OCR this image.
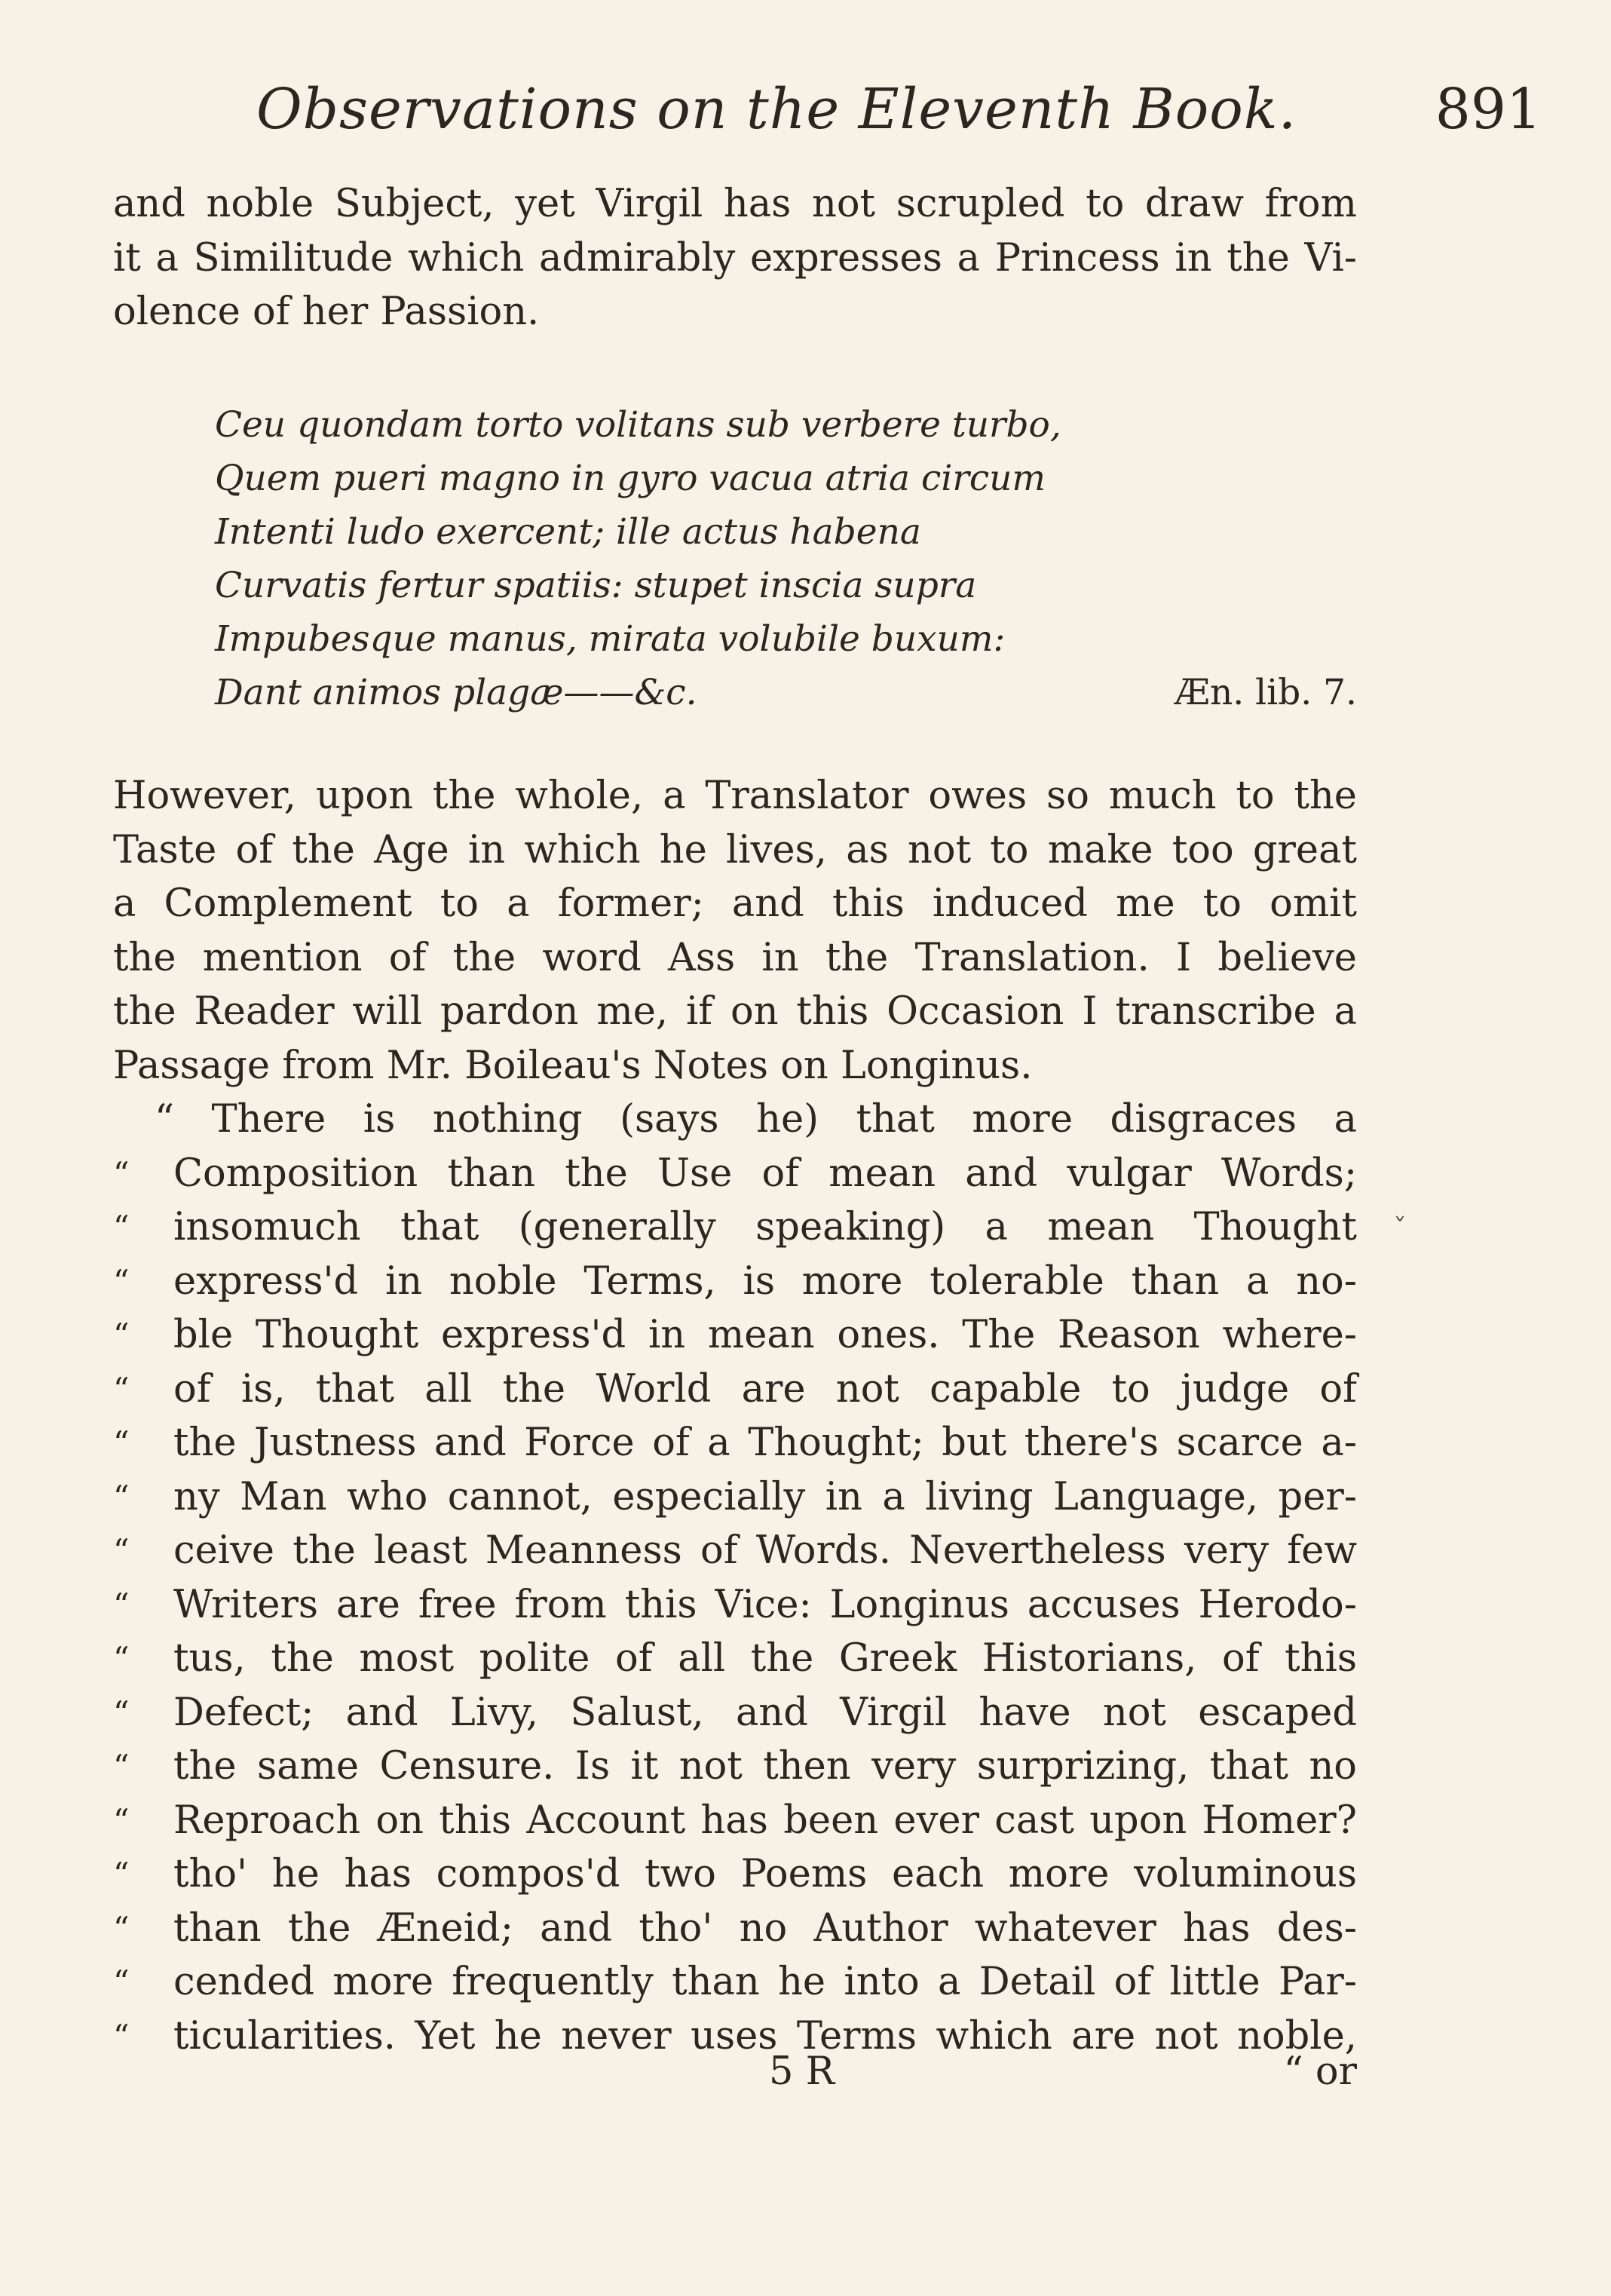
Observations on the Eleventh Book. 891
and noble Subject, yet Virgil has not scrupled to draw from
it a Similitude which admirably expresses a Princess in the Vi-
olence of her Passion.
Ceu quondam torto volitans sub verbere turbo,
Quem pueri magno in gyro vacua atria circum
Intenti ludo exercent; ille actus habena
Curvatis fertur spatiis: stupet inscia supra
Impubesque manus, mirata volubile buxum:
Dant animos plagæ——&c.	Æn. lib. 7.
However, upon the whole, a Translator owes so much to the
Taste of the Age in which he lives, as not to make too great
a Complement to a former; and this induced me to omit
the mention of the word Ass in the Translation. I believe
the Reader will pardon me, if on this Occasion I transcribe a
Passage from Mr. Boileau's Notes on Longinus.
“ There is nothing (says he) that more disgraces a
“	Composition than the Use of mean and vulgar Words;
“	insomuch that (generally speaking) a mean Thought
“	express'd in noble Terms, is more tolerable than a no-
“	ble Thought express'd in mean ones. The Reason where-
“	of is, that all the World are not capable to judge of
“	the Justness and Force of a Thought; but there's scarce a-
“	ny Man who cannot, especially in a living Language, per-
“	ceive the least Meanness of Words. Nevertheless very few
“	Writers are free from this Vice: Longinus accuses Herodo-
“	tus, the most polite of all the Greek Historians, of this
“	Defect; and Livy, Salust, and Virgil have not escaped
“	the same Censure. Is it not then very surprizing, that no
“	Reproach on this Account has been ever cast upon Homer?
“	tho' he has compos'd two Poems each more voluminous
“	than the Æneid; and tho' no Author whatever has des-
“	cended more frequently than he into a Detail of little Par-
“	ticularities. Yet he never uses Terms which are not noble,
5 R	“ or
ˇ
